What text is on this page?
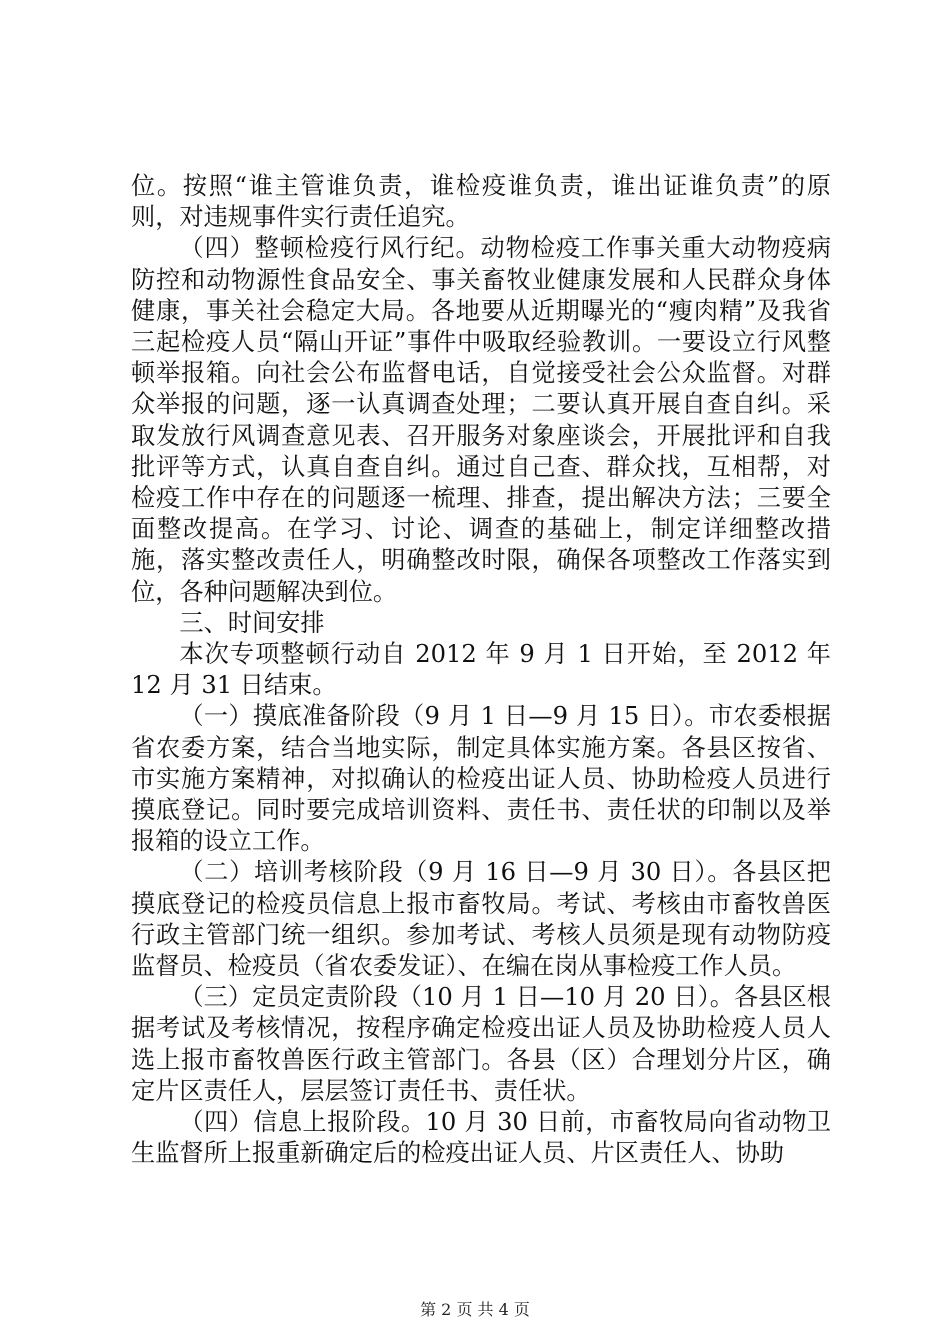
位。按照“谁主管谁负责，谁检疫谁负责，谁出证谁负责”的原则，对违规事件实行责任追究。

（四）整顿检疫行风行纪。动物检疫工作事关重大动物疫病防控和动物源性食品安全、事关畜牧业健康发展和人民群众身体健康，事关社会稳定大局。各地要从近期曝光的“瘦肉精”及我省三起检疫人员“隔山开证”事件中吸取经验教训。一要设立行风整顿举报箱。向社会公布监督电话，自觉接受社会公众监督。对群众举报的问题，逐一认真调查处理；二要认真开展自查自纠。采取发放行风调查意见表、召开服务对象座谈会，开展批评和自我批评等方式，认真自查自纠。通过自己查、群众找，互相帮，对检疫工作中存在的问题逐一梳理、排查，提出解决方法；三要全面整改提高。在学习、讨论、调查的基础上，制定详细整改措施，落实整改责任人，明确整改时限，确保各项整改工作落实到位，各种问题解决到位。

三、时间安排

本次专项整顿行动自 2012 年 9 月 1 日开始，至 2012 年 12 月 31 日结束。

（一）摸底准备阶段（9 月 1 日—9 月 15 日）。市农委根据省农委方案，结合当地实际，制定具体实施方案。各县区按省、市实施方案精神，对拟确认的检疫出证人员、协助检疫人员进行摸底登记。同时要完成培训资料、责任书、责任状的印制以及举报箱的设立工作。

（二）培训考核阶段（9 月 16 日—9 月 30 日）。各县区把摸底登记的检疫员信息上报市畜牧局。考试、考核由市畜牧兽医行政主管部门统一组织。参加考试、考核人员须是现有动物防疫监督员、检疫员（省农委发证）、在编在岗从事检疫工作人员。

（三）定员定责阶段（10 月 1 日—10 月 20 日）。各县区根据考试及考核情况，按程序确定检疫出证人员及协助检疫人员人选上报市畜牧兽医行政主管部门。各县（区）合理划分片区，确定片区责任人，层层签订责任书、责任状。

（四）信息上报阶段。10 月 30 日前，市畜牧局向省动物卫生监督所上报重新确定后的检疫出证人员、片区责任人、协助

第 2 页 共 4 页
